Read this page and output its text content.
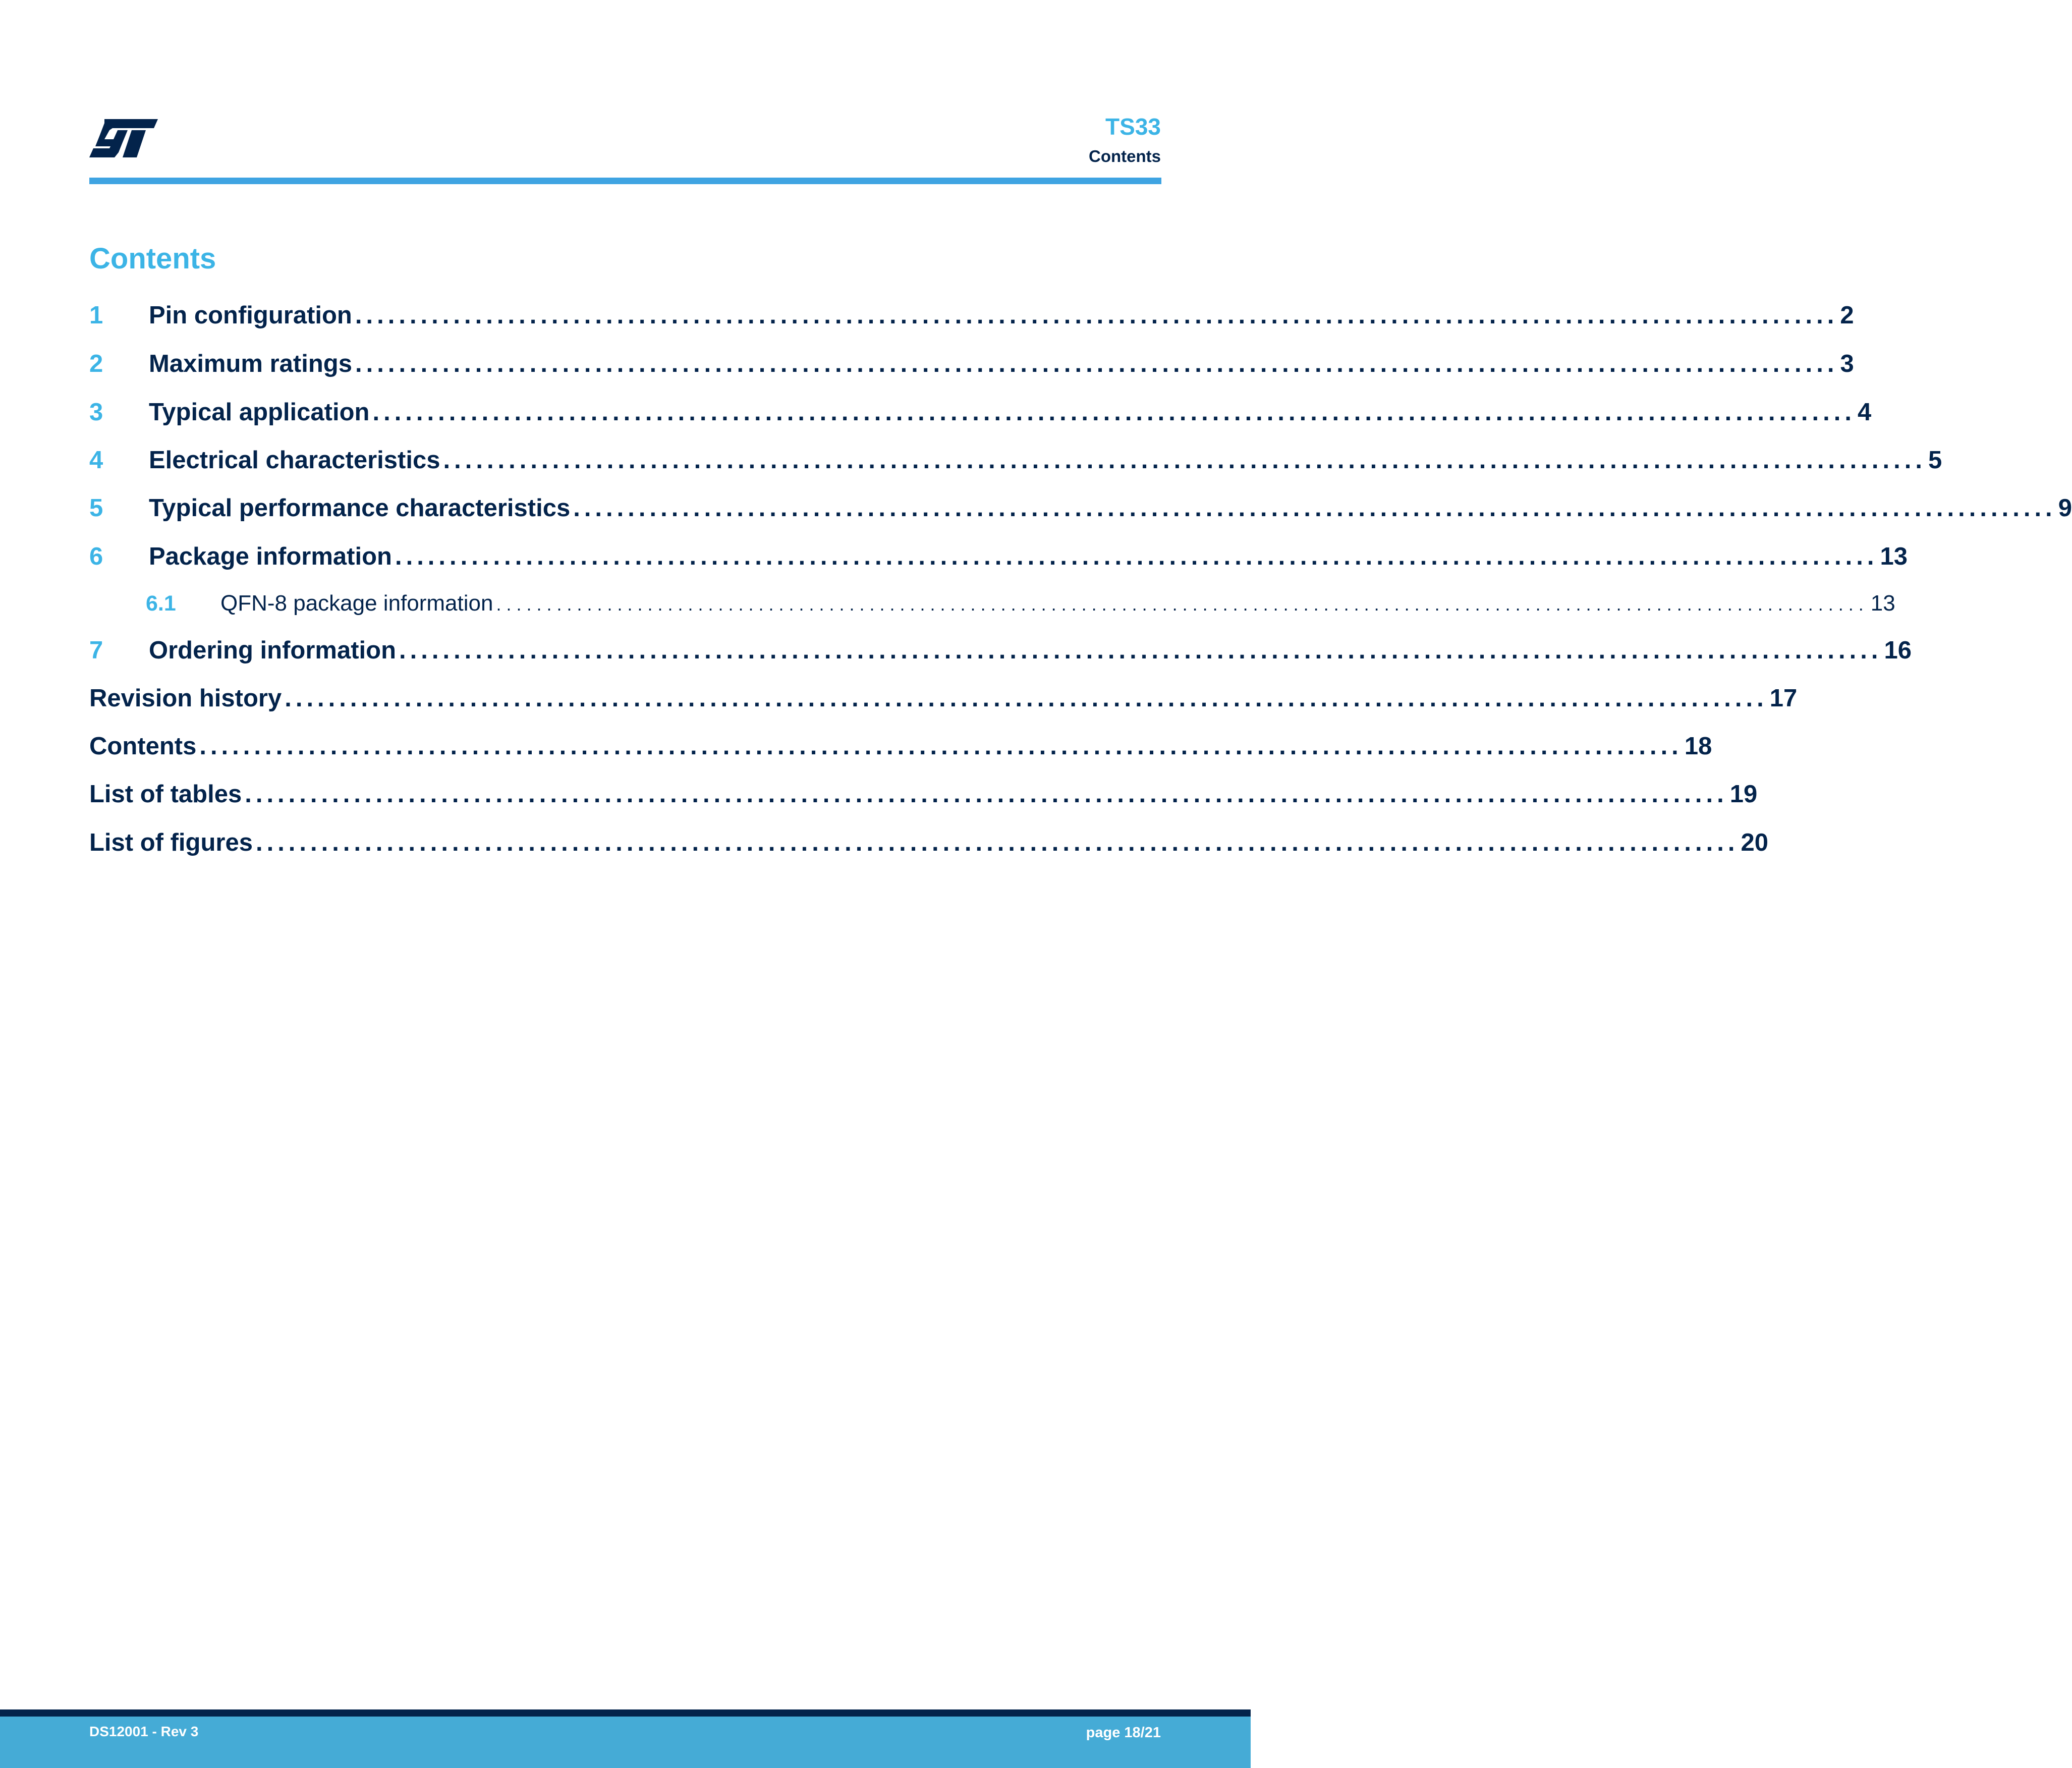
TS33
Contents
Contents
1 Pin configuration ........................................................................................................................................ 2
2 Maximum ratings ........................................................................................................................................ 3
3 Typical application ........................................................................................................................................ 4
4 Electrical characteristics ........................................................................................................................................ 5
5 Typical performance characteristics ........................................................................................................................................ 9
6 Package information ........................................................................................................................................ 13
6.1 QFN-8 package information ........................................................................................................................................ 13
7 Ordering information ........................................................................................................................................ 16
Revision history ........................................................................................................................................ 17
Contents ........................................................................................................................................ 18
List of tables ........................................................................................................................................ 19
List of figures ........................................................................................................................................ 20
DS12001 - Rev 3	page 18/21
